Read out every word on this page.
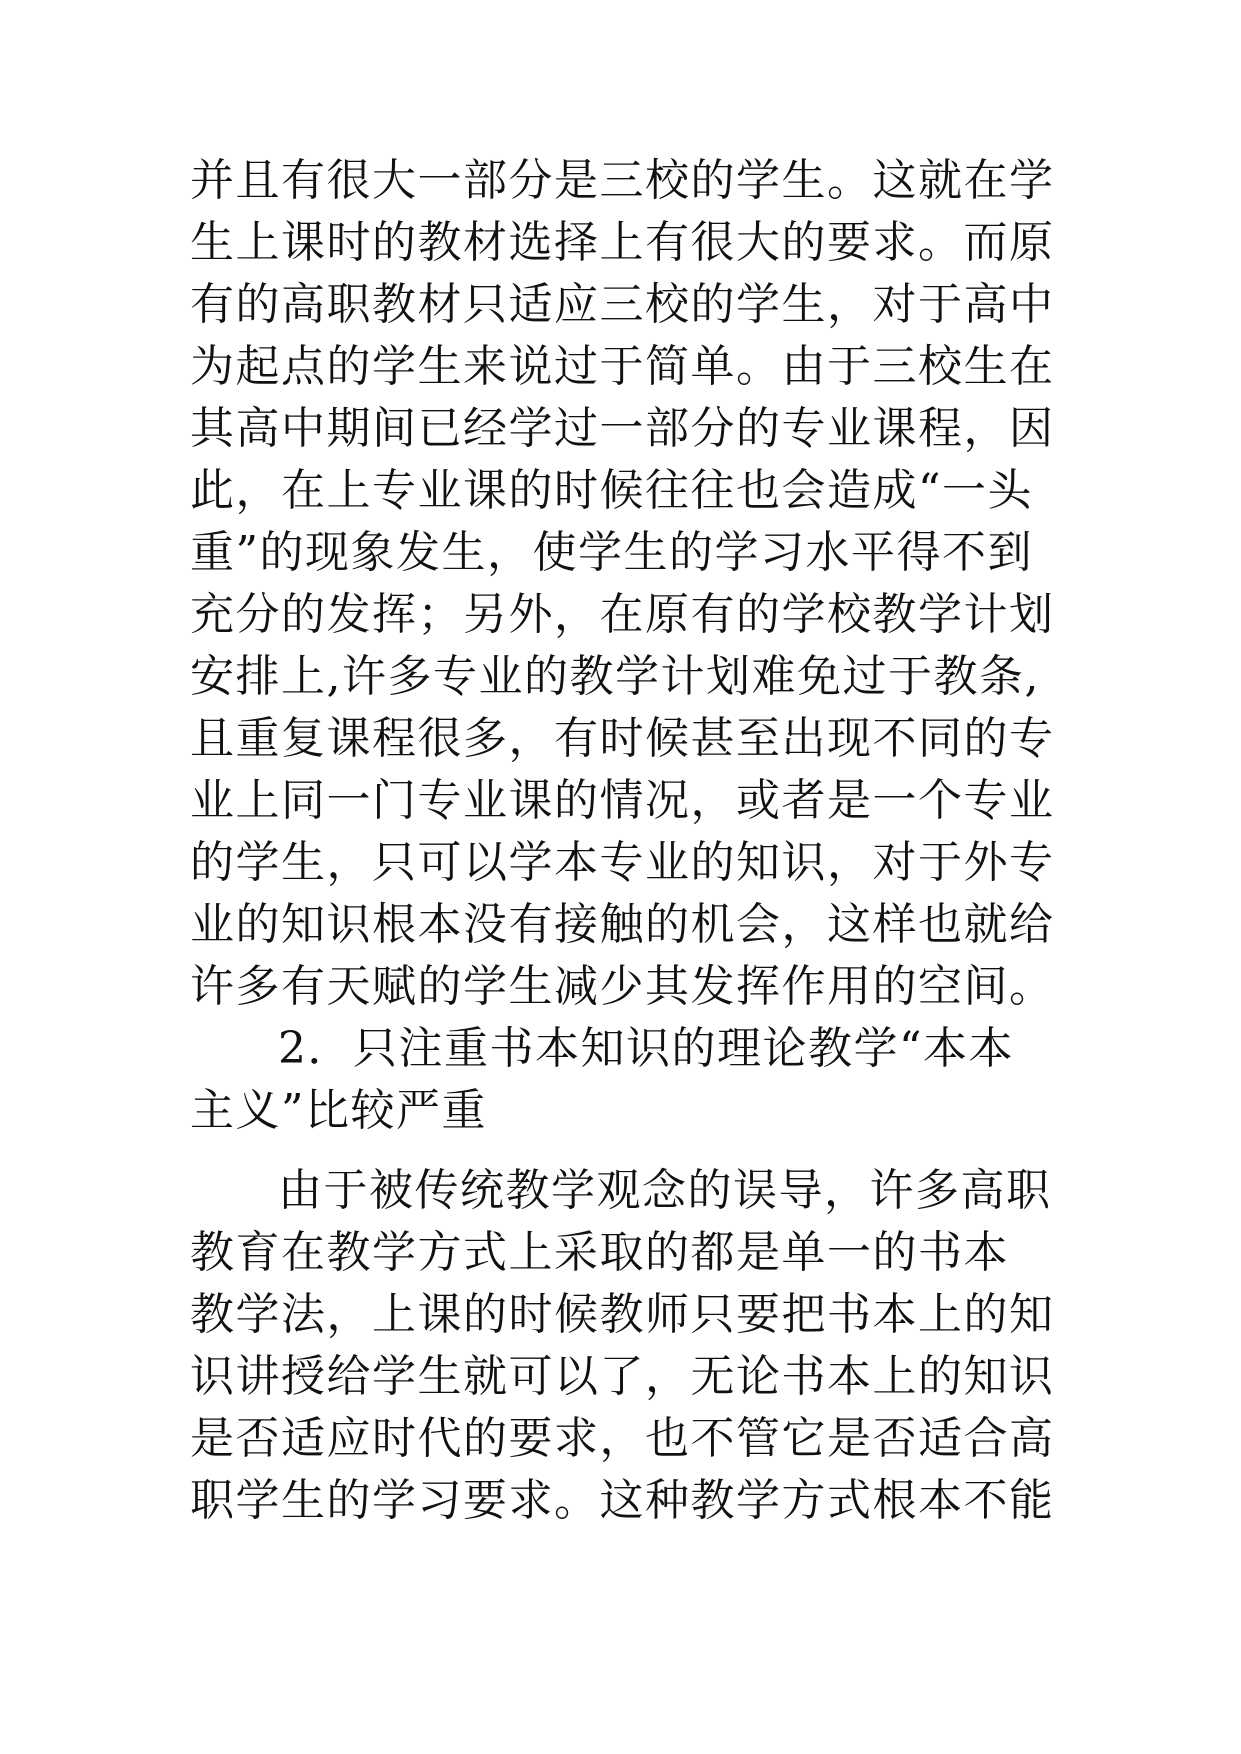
并且有很大一部分是三校的学生。这就在学
生上课时的教材选择上有很大的要求。而原
有的高职教材只适应三校的学生，对于高中
为起点的学生来说过于简单。由于三校生在
其高中期间已经学过一部分的专业课程，因
此，在上专业课的时候往往也会造成“一头
重”的现象发生，使学生的学习水平得不到
充分的发挥；另外，在原有的学校教学计划
安排上,许多专业的教学计划难免过于教条,
且重复课程很多，有时候甚至出现不同的专
业上同一门专业课的情况，或者是一个专业
的学生，只可以学本专业的知识，对于外专
业的知识根本没有接触的机会，这样也就给
许多有天赋的学生减少其发挥作用的空间。
2．只注重书本知识的理论教学“本本
主义”比较严重
由于被传统教学观念的误导，许多高职
教育在教学方式上采取的都是单一的书本
教学法，上课的时候教师只要把书本上的知
识讲授给学生就可以了，无论书本上的知识
是否适应时代的要求，也不管它是否适合高
职学生的学习要求。这种教学方式根本不能
